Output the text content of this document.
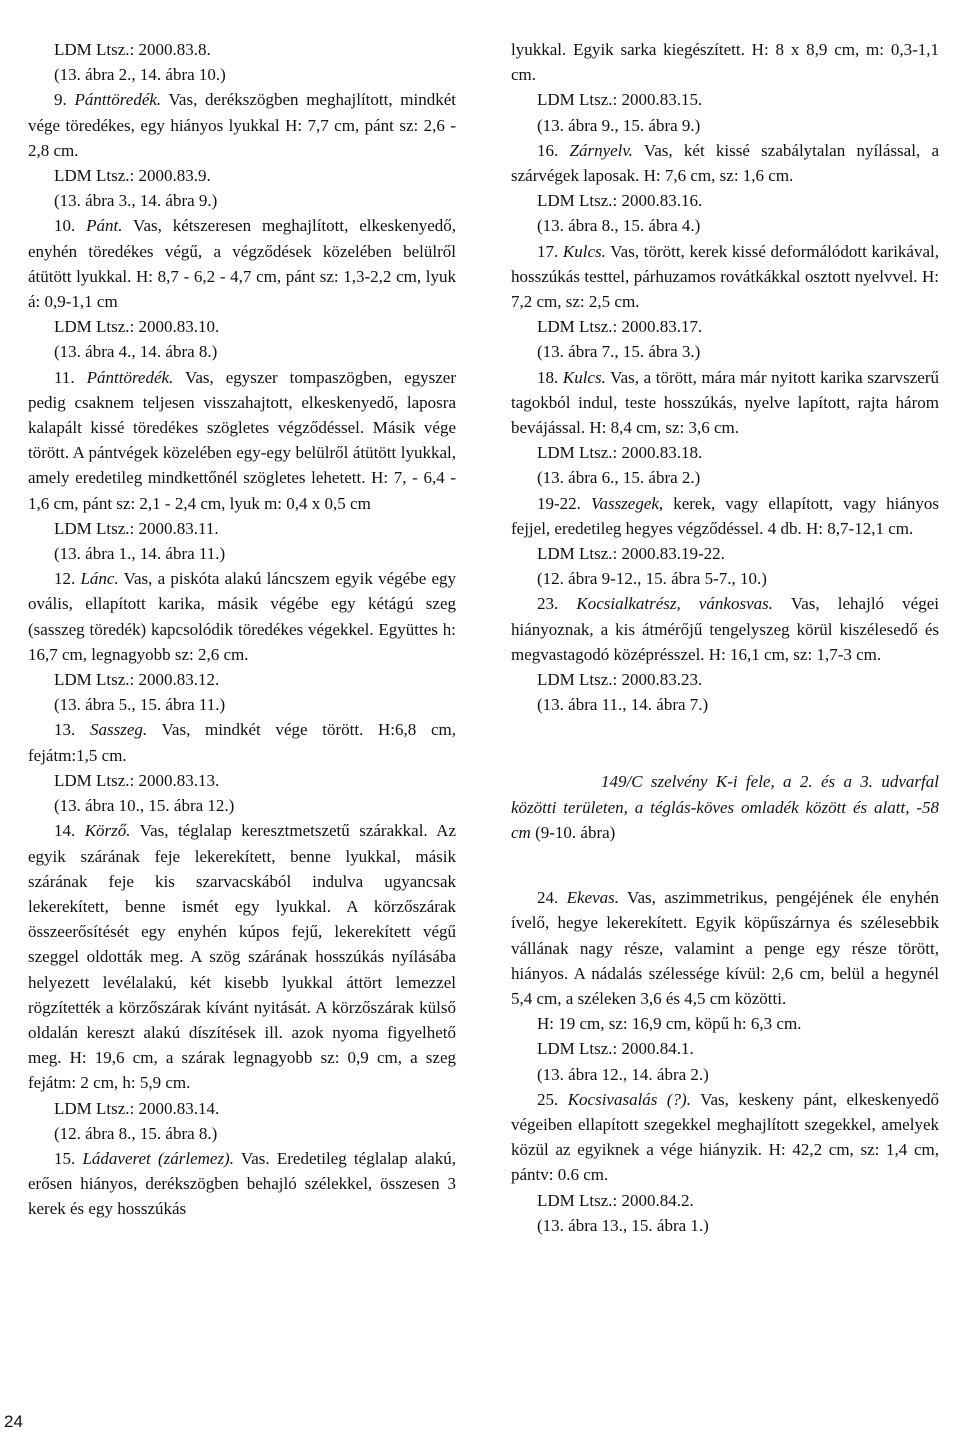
LDM Ltsz.: 2000.83.8.

(13. ábra 2., 14. ábra 10.)

9. Pánttöredék. Vas, derékszögben meghajlított, mindkét vége töredékes, egy hiányos lyukkal H: 7,7 cm, pánt sz: 2,6 - 2,8 cm.

LDM Ltsz.: 2000.83.9.

(13. ábra 3., 14. ábra 9.)

10. Pánt. Vas, kétszeresen meghajlított, elkeskenyedő, enyhén töredékes végű, a végződések közelében belülről átütött lyukkal. H: 8,7 - 6,2 - 4,7 cm, pánt sz: 1,3-2,2 cm, lyuk á: 0,9-1,1 cm

LDM Ltsz.: 2000.83.10.

(13. ábra 4., 14. ábra 8.)

11. Pánttöredék. Vas, egyszer tompaszögben, egyszer pedig csaknem teljesen visszahajtott, elkeskenyedő, laposra kalapált kissé töredékes szögletes végződéssel. Másik vége törött. A pántvégek közelében egy-egy belülről átütött lyukkal, amely eredetileg mindkettőnél szögletes lehetett. H: 7, - 6,4 - 1,6 cm, pánt sz: 2,1 - 2,4 cm, lyuk m: 0,4 x 0,5 cm

LDM Ltsz.: 2000.83.11.

(13. ábra 1., 14. ábra 11.)

12. Lánc. Vas, a piskóta alakú láncszem egyik végébe egy ovális, ellapított karika, másik végébe egy kétágú szeg (sasszeg töredék) kapcsolódik töredékes végekkel. Együttes h: 16,7 cm, legnagyobb sz: 2,6 cm.

LDM Ltsz.: 2000.83.12.

(13. ábra 5., 15. ábra 11.)

13. Sasszeg. Vas, mindkét vége törött. H:6,8 cm, fejátm:1,5 cm.

LDM Ltsz.: 2000.83.13.

(13. ábra 10., 15. ábra 12.)

14. Körző. Vas, téglalap keresztmetszetű szárakkal. Az egyik szárának feje lekerekített, benne lyukkal, másik szárának feje kis szarvacskából indulva ugyancsak lekerekített, benne ismét egy lyukkal. A körzőszárak összeerősítését egy enyhén kúpos fejű, lekerekített végű szeggel oldották meg. A szög szárának hosszúkás nyílásába helyezett levélalakú, két kisebb lyukkal áttört lemezzel rögzítették a körzőszárak kívánt nyitását. A körzőszárak külső oldalán kereszt alakú díszítések ill. azok nyoma figyelhető meg. H: 19,6 cm, a szárak legnagyobb sz: 0,9 cm, a szeg fejátm: 2 cm, h: 5,9 cm.

LDM Ltsz.: 2000.83.14.

(12. ábra 8., 15. ábra 8.)

15. Ládaveret (zárlemez). Vas. Eredetileg téglalap alakú, erősen hiányos, derékszögben behajló szélekkel, összesen 3 kerek és egy hosszúkás

lyukkal. Egyik sarka kiegészített. H: 8 x 8,9 cm, m: 0,3-1,1 cm.

LDM Ltsz.: 2000.83.15.

(13. ábra 9., 15. ábra 9.)

16. Zárnyelv. Vas, két kissé szabálytalan nyílással, a szárvégek laposak. H: 7,6 cm, sz: 1,6 cm.

LDM Ltsz.: 2000.83.16.

(13. ábra 8., 15. ábra 4.)

17. Kulcs. Vas, törött, kerek kissé deformálódott karikával, hosszúkás testtel, párhuzamos rovátkákkal osztott nyelvvel. H: 7,2 cm, sz: 2,5 cm.

LDM Ltsz.: 2000.83.17.

(13. ábra 7., 15. ábra 3.)

18. Kulcs. Vas, a törött, mára már nyitott karika szarvszerű tagokból indul, teste hosszúkás, nyelve lapított, rajta három bevájással. H: 8,4 cm, sz: 3,6 cm.

LDM Ltsz.: 2000.83.18.

(13. ábra 6., 15. ábra 2.)

19-22. Vasszegek, kerek, vagy ellapított, vagy hiányos fejjel, eredetileg hegyes végződéssel. 4 db. H: 8,7-12,1 cm.

LDM Ltsz.: 2000.83.19-22.

(12. ábra 9-12., 15. ábra 5-7., 10.)

23. Kocsialkatrész, vánkosvas. Vas, lehajló végei hiányoznak, a kis átmérőjű tengelyszeg körül kiszélesedő és megvastagodó középrésszel. H: 16,1 cm, sz: 1,7-3 cm.

LDM Ltsz.: 2000.83.23.

(13. ábra 11., 14. ábra 7.)

149/C szelvény K-i fele, a 2. és a 3. udvarfal közötti területen, a téglás-köves omladék között és alatt, -58 cm (9-10. ábra)

24. Ekevas. Vas, aszimmetrikus, pengéjének éle enyhén ívelő, hegye lekerekített. Egyik köpűszárnya és szélesebbik vállának nagy része, valamint a penge egy része törött, hiányos. A nádalás szélessége kívül: 2,6 cm, belül a hegynél 5,4 cm, a széleken 3,6 és 4,5 cm közötti.

H: 19 cm, sz: 16,9 cm, köpű h: 6,3 cm.

LDM Ltsz.: 2000.84.1.

(13. ábra 12., 14. ábra 2.)

25. Kocsivasalás (?). Vas, keskeny pánt, elkeskenyedő végeiben ellapított szegekkel meghajlított szegekkel, amelyek közül az egyiknek a vége hiányzik. H: 42,2 cm, sz: 1,4 cm, pántv: 0.6 cm.

LDM Ltsz.: 2000.84.2.

(13. ábra 13., 15. ábra 1.)

24
